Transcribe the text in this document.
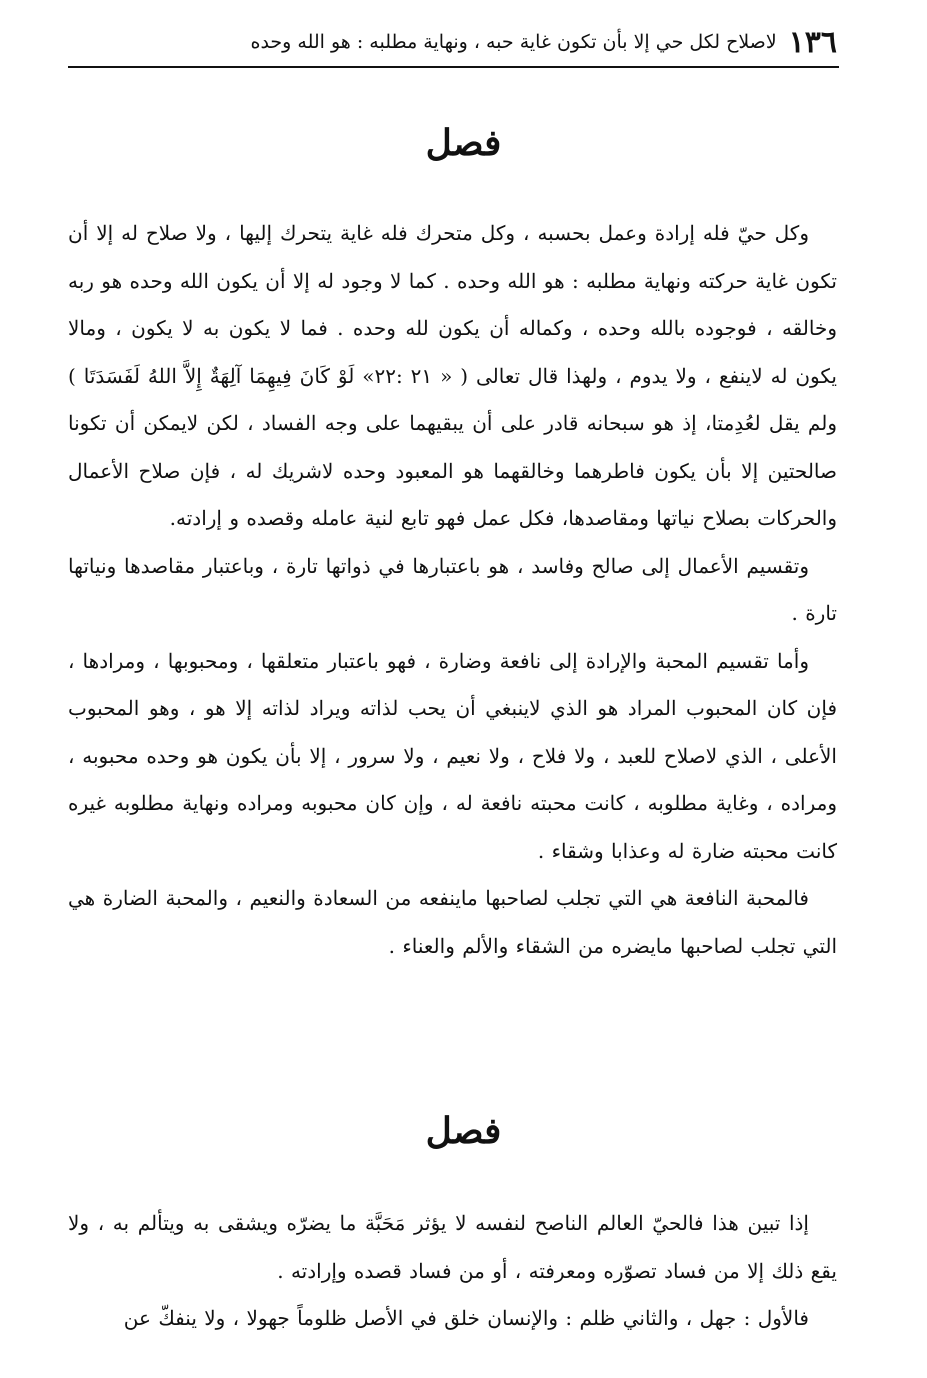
١٣٦
لاصلاح لكل حي إلا بأن تكون غاية حبه ، ونهاية مطلبه : هو الله وحده
فصل

وكل حيّ فله إرادة وعمل بحسبه ، وكل متحرك فله غاية يتحرك إليها ، ولا صلاح له إلا أن تكون غاية حركته ونهاية مطلبه : هو الله وحده . كما لا وجود له إلا أن يكون الله وحده هو ربه وخالقه ، فوجوده بالله وحده ، وكماله أن يكون لله وحده . فما لا يكون به لا يكون ، ومالا يكون له لاينفع ، ولا يدوم ، ولهذا قال تعالى ( « ٢١ :٢٢» لَوْ كَانَ فِيهِمَا آلِهَةٌ إِلاَّ اللهُ لَفَسَدَتَا ) ولم يقل لعُدِمتا، إذ هو سبحانه قادر على أن يبقيهما على وجه الفساد ، لكن لايمكن أن تكونا صالحتين إلا بأن يكون فاطرهما وخالقهما هو المعبود وحده لاشريك له ، فإن صلاح الأعمال والحركات بصلاح نياتها ومقاصدها، فكل عمل فهو تابع لنية عامله وقصده و إرادته.

وتقسيم الأعمال إلى صالح وفاسد ، هو باعتبارها في ذواتها تارة ، وباعتبار مقاصدها ونياتها تارة .

وأما تقسيم المحبة والإرادة إلى نافعة وضارة ، فهو باعتبار متعلقها ، ومحبوبها ، ومرادها ، فإن كان المحبوب المراد هو الذي لاينبغي أن يحب لذاته ويراد لذاته إلا هو ، وهو المحبوب الأعلى ، الذي لاصلاح للعبد ، ولا فلاح ، ولا نعيم ، ولا سرور ، إلا بأن يكون هو وحده محبوبه ، ومراده ، وغاية مطلوبه ، كانت محبته نافعة له ، وإن كان محبوبه ومراده ونهاية مطلوبه غيره كانت محبته ضارة له وعذابا وشقاء .

فالمحبة النافعة هي التي تجلب لصاحبها ماينفعه من السعادة والنعيم ، والمحبة الضارة هي التي تجلب لصاحبها مايضره من الشقاء والألم والعناء .

فصل

إذا تبين هذا فالحيّ العالم الناصح لنفسه لا يؤثر مَحَبَّة ما يضرّه ويشقى به ويتألم به ، ولا يقع ذلك إلا من فساد تصوّره ومعرفته ، أو من فساد قصده وإرادته .

فالأول : جهل ، والثاني ظلم : والإنسان خلق في الأصل ظلوماً جهولا ، ولا ينفكّ عن
